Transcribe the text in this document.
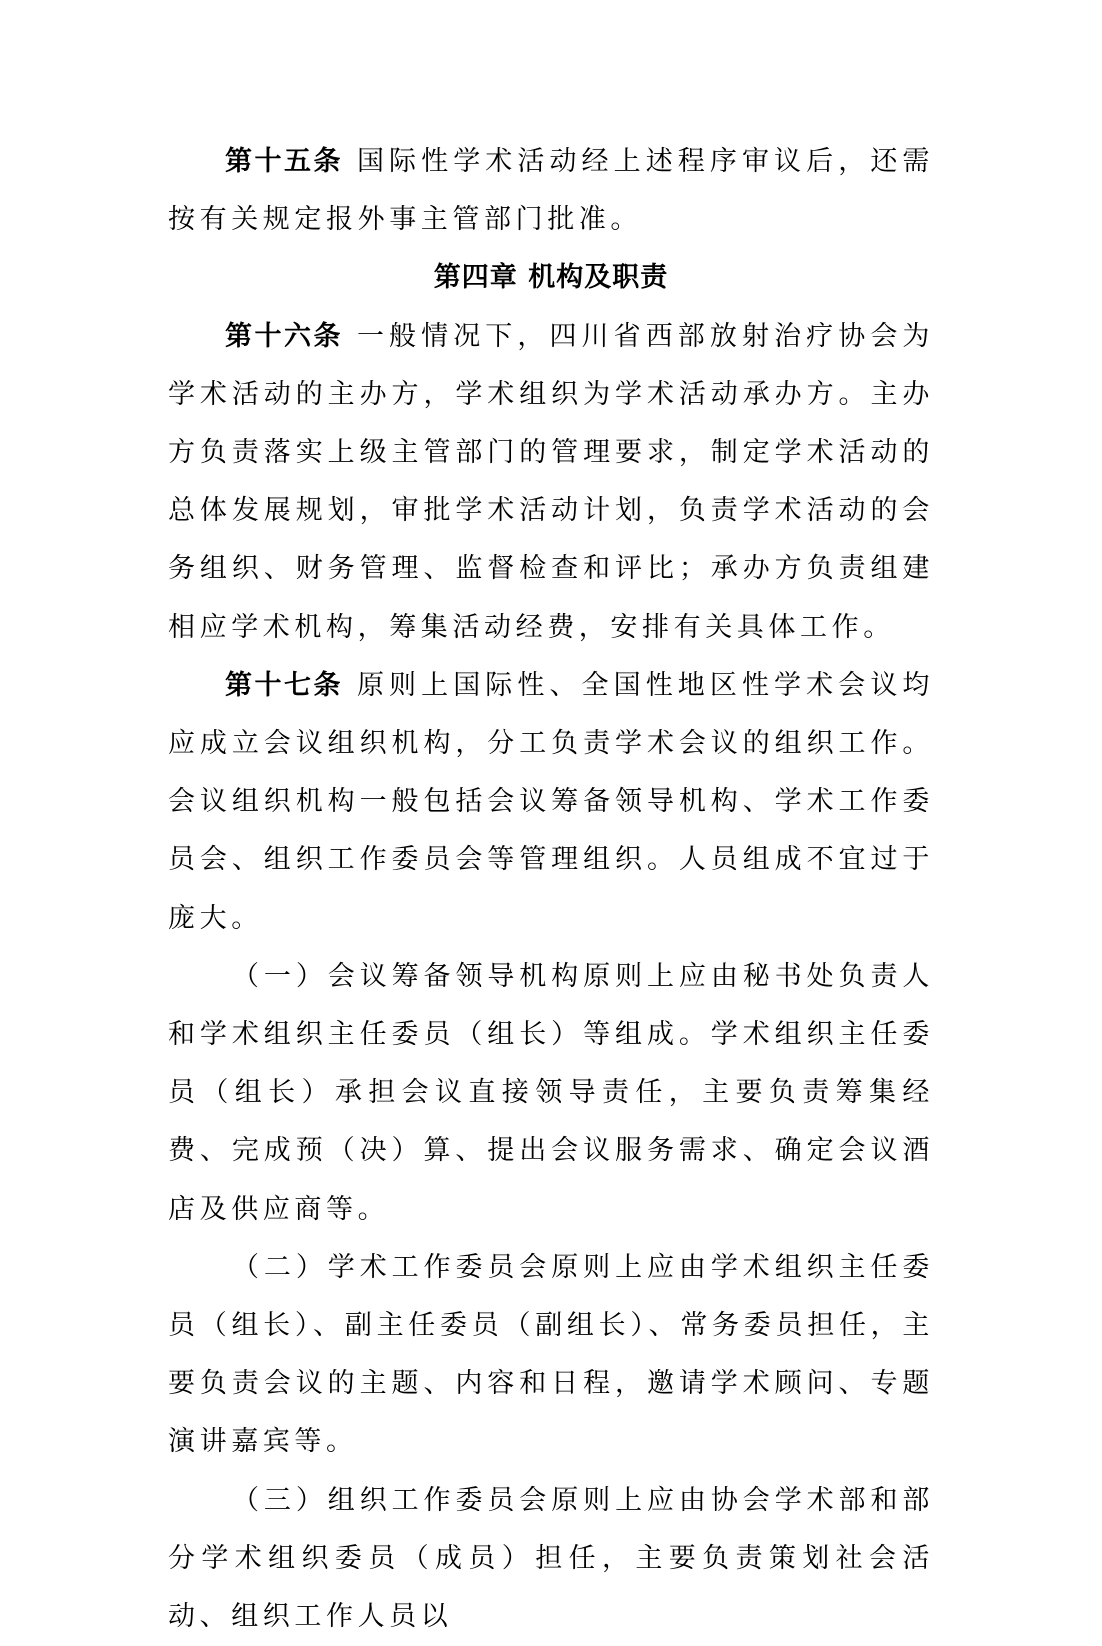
第十五条 国际性学术活动经上述程序审议后，还需按有关规定报外事主管部门批准。

第四章 机构及职责

第十六条 一般情况下，四川省西部放射治疗协会为学术活动的主办方，学术组织为学术活动承办方。主办方负责落实上级主管部门的管理要求，制定学术活动的总体发展规划，审批学术活动计划，负责学术活动的会务组织、财务管理、监督检查和评比；承办方负责组建相应学术机构，筹集活动经费，安排有关具体工作。

第十七条 原则上国际性、全国性地区性学术会议均应成立会议组织机构，分工负责学术会议的组织工作。会议组织机构一般包括会议筹备领导机构、学术工作委员会、组织工作委员会等管理组织。人员组成不宜过于庞大。

（一）会议筹备领导机构原则上应由秘书处负责人和学术组织主任委员（组长）等组成。学术组织主任委员（组长）承担会议直接领导责任，主要负责筹集经费、完成预（决）算、提出会议服务需求、确定会议酒店及供应商等。

（二）学术工作委员会原则上应由学术组织主任委员（组长）、副主任委员（副组长）、常务委员担任，主要负责会议的主题、内容和日程，邀请学术顾问、专题演讲嘉宾等。

（三）组织工作委员会原则上应由协会学术部和部分学术组织委员（成员）担任，主要负责策划社会活动、组织工作人员以
